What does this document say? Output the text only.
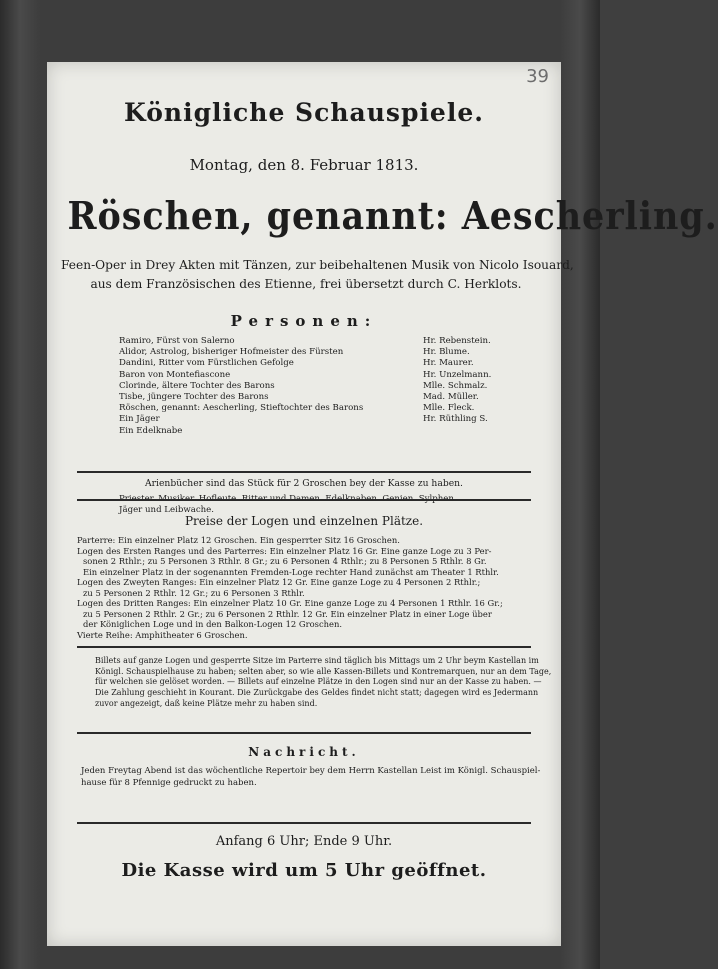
39
Königliche Schauspiele.
Montag, den 8. Februar 1813.
Röschen, genannt: Aescherling.
Feen-Oper in Drey Akten mit Tänzen, zur beibehaltenen Musik von Nicolo Isouard,
aus dem Französischen des Etienne, frei übersetzt durch C. Herklots.
Personen:
Ramiro, Fürst von Salerno	Hr. Rebenstein.
Alidor, Astrolog, bisheriger Hofmeister des Fürsten	Hr. Blume.
Dandini, Ritter vom Fürstlichen Gefolge	Hr. Maurer.
Baron von Montefiascone	Hr. Unzelmann.
Clorinde, ältere Tochter des Barons	Mlle. Schmalz.
Tisbe, jüngere Tochter des Barons	Mad. Müller.
Röschen, genannt: Aescherling, Stieftochter des Barons	Mlle. Fleck.
Ein Jäger	Hr. Rüthling S.
Ein Edelknabe
Priester. Musiker. Hofleute. Ritter und Damen. Edelknaben. Genien. Sylphen.
Jäger und Leibwache.
Arienbücher sind das Stück für 2 Groschen bey der Kasse zu haben.
Preise der Logen und einzelnen Plätze.
Parterre: Ein einzelner Platz 12 Groschen. Ein gesperrter Sitz 16 Groschen.
Logen des Ersten Ranges und des Parterres: Ein einzelner Platz 16 Gr. Eine ganze Loge zu 3 Per-
sonen 2 Rthlr.; zu 5 Personen 3 Rthlr. 8 Gr.; zu 6 Personen 4 Rthlr.; zu 8 Personen 5 Rthlr. 8 Gr.
Ein einzelner Platz in der sogenannten Fremden-Loge rechter Hand zunächst am Theater 1 Rthlr.
Logen des Zweyten Ranges: Ein einzelner Platz 12 Gr. Eine ganze Loge zu 4 Personen 2 Rthlr.;
zu 5 Personen 2 Rthlr. 12 Gr.; zu 6 Personen 3 Rthlr.
Logen des Dritten Ranges: Ein einzelner Platz 10 Gr. Eine ganze Loge zu 4 Personen 1 Rthlr. 16 Gr.;
zu 5 Personen 2 Rthlr. 2 Gr.; zu 6 Personen 2 Rthlr. 12 Gr. Ein einzelner Platz in einer Loge über
der Königlichen Loge und in den Balkon-Logen 12 Groschen.
Vierte Reihe: Amphitheater 6 Groschen.
Billets auf ganze Logen und gesperrte Sitze im Parterre sind täglich bis Mittags um 2 Uhr beym Kastellan im
Königl. Schauspielhause zu haben; selten aber, so wie alle Kassen-Billets und Kontremarquen, nur an dem Tage,
für welchen sie gelöset worden. — Billets auf einzelne Plätze in den Logen sind nur an der Kasse zu haben. —
Die Zahlung geschieht in Kourant. Die Zurückgabe des Geldes findet nicht statt; dagegen wird es Jedermann
zuvor angezeigt, daß keine Plätze mehr zu haben sind.
Nachricht.
Jeden Freytag Abend ist das wöchentliche Repertoir bey dem Herrn Kastellan Leist im Königl. Schauspiel-
hause für 8 Pfennige gedruckt zu haben.
Anfang 6 Uhr; Ende 9 Uhr.
Die Kasse wird um 5 Uhr geöffnet.
